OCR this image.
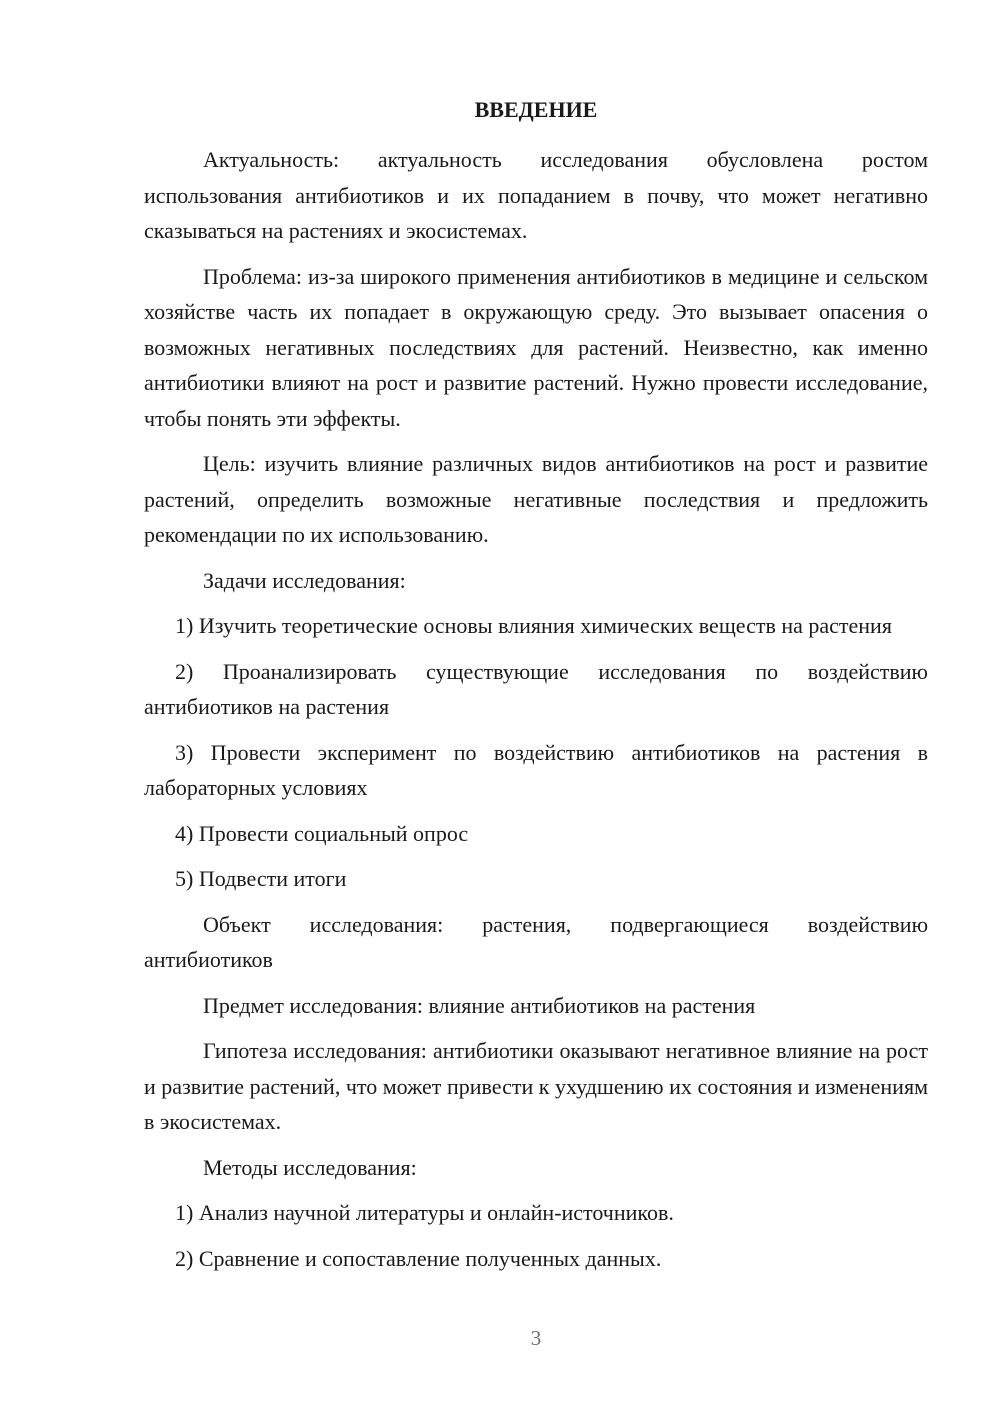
ВВЕДЕНИЕ

Актуальность: актуальность исследования обусловлена ростом использования антибиотиков и их попаданием в почву, что может негативно сказываться на растениях и экосистемах.

Проблема: из-за широкого применения антибиотиков в медицине и сельском хозяйстве часть их попадает в окружающую среду. Это вызывает опасения о возможных негативных последствиях для растений. Неизвестно, как именно антибиотики влияют на рост и развитие растений. Нужно провести исследование, чтобы понять эти эффекты.

Цель: изучить влияние различных видов антибиотиков на рост и развитие растений, определить возможные негативные последствия и предложить рекомендации по их использованию.

Задачи исследования:

1) Изучить теоретические основы влияния химических веществ на растения

2) Проанализировать существующие исследования по воздействию антибиотиков на растения

3) Провести эксперимент по воздействию антибиотиков на растения в лабораторных условиях

4) Провести социальный опрос

5) Подвести итоги

Объект исследования: растения, подвергающиеся воздействию антибиотиков

Предмет исследования: влияние антибиотиков на растения

Гипотеза исследования: антибиотики оказывают негативное влияние на рост и развитие растений, что может привести к ухудшению их состояния и изменениям в экосистемах.

Методы исследования:

1) Анализ научной литературы и онлайн-источников.

2) Сравнение и сопоставление полученных данных.

3
